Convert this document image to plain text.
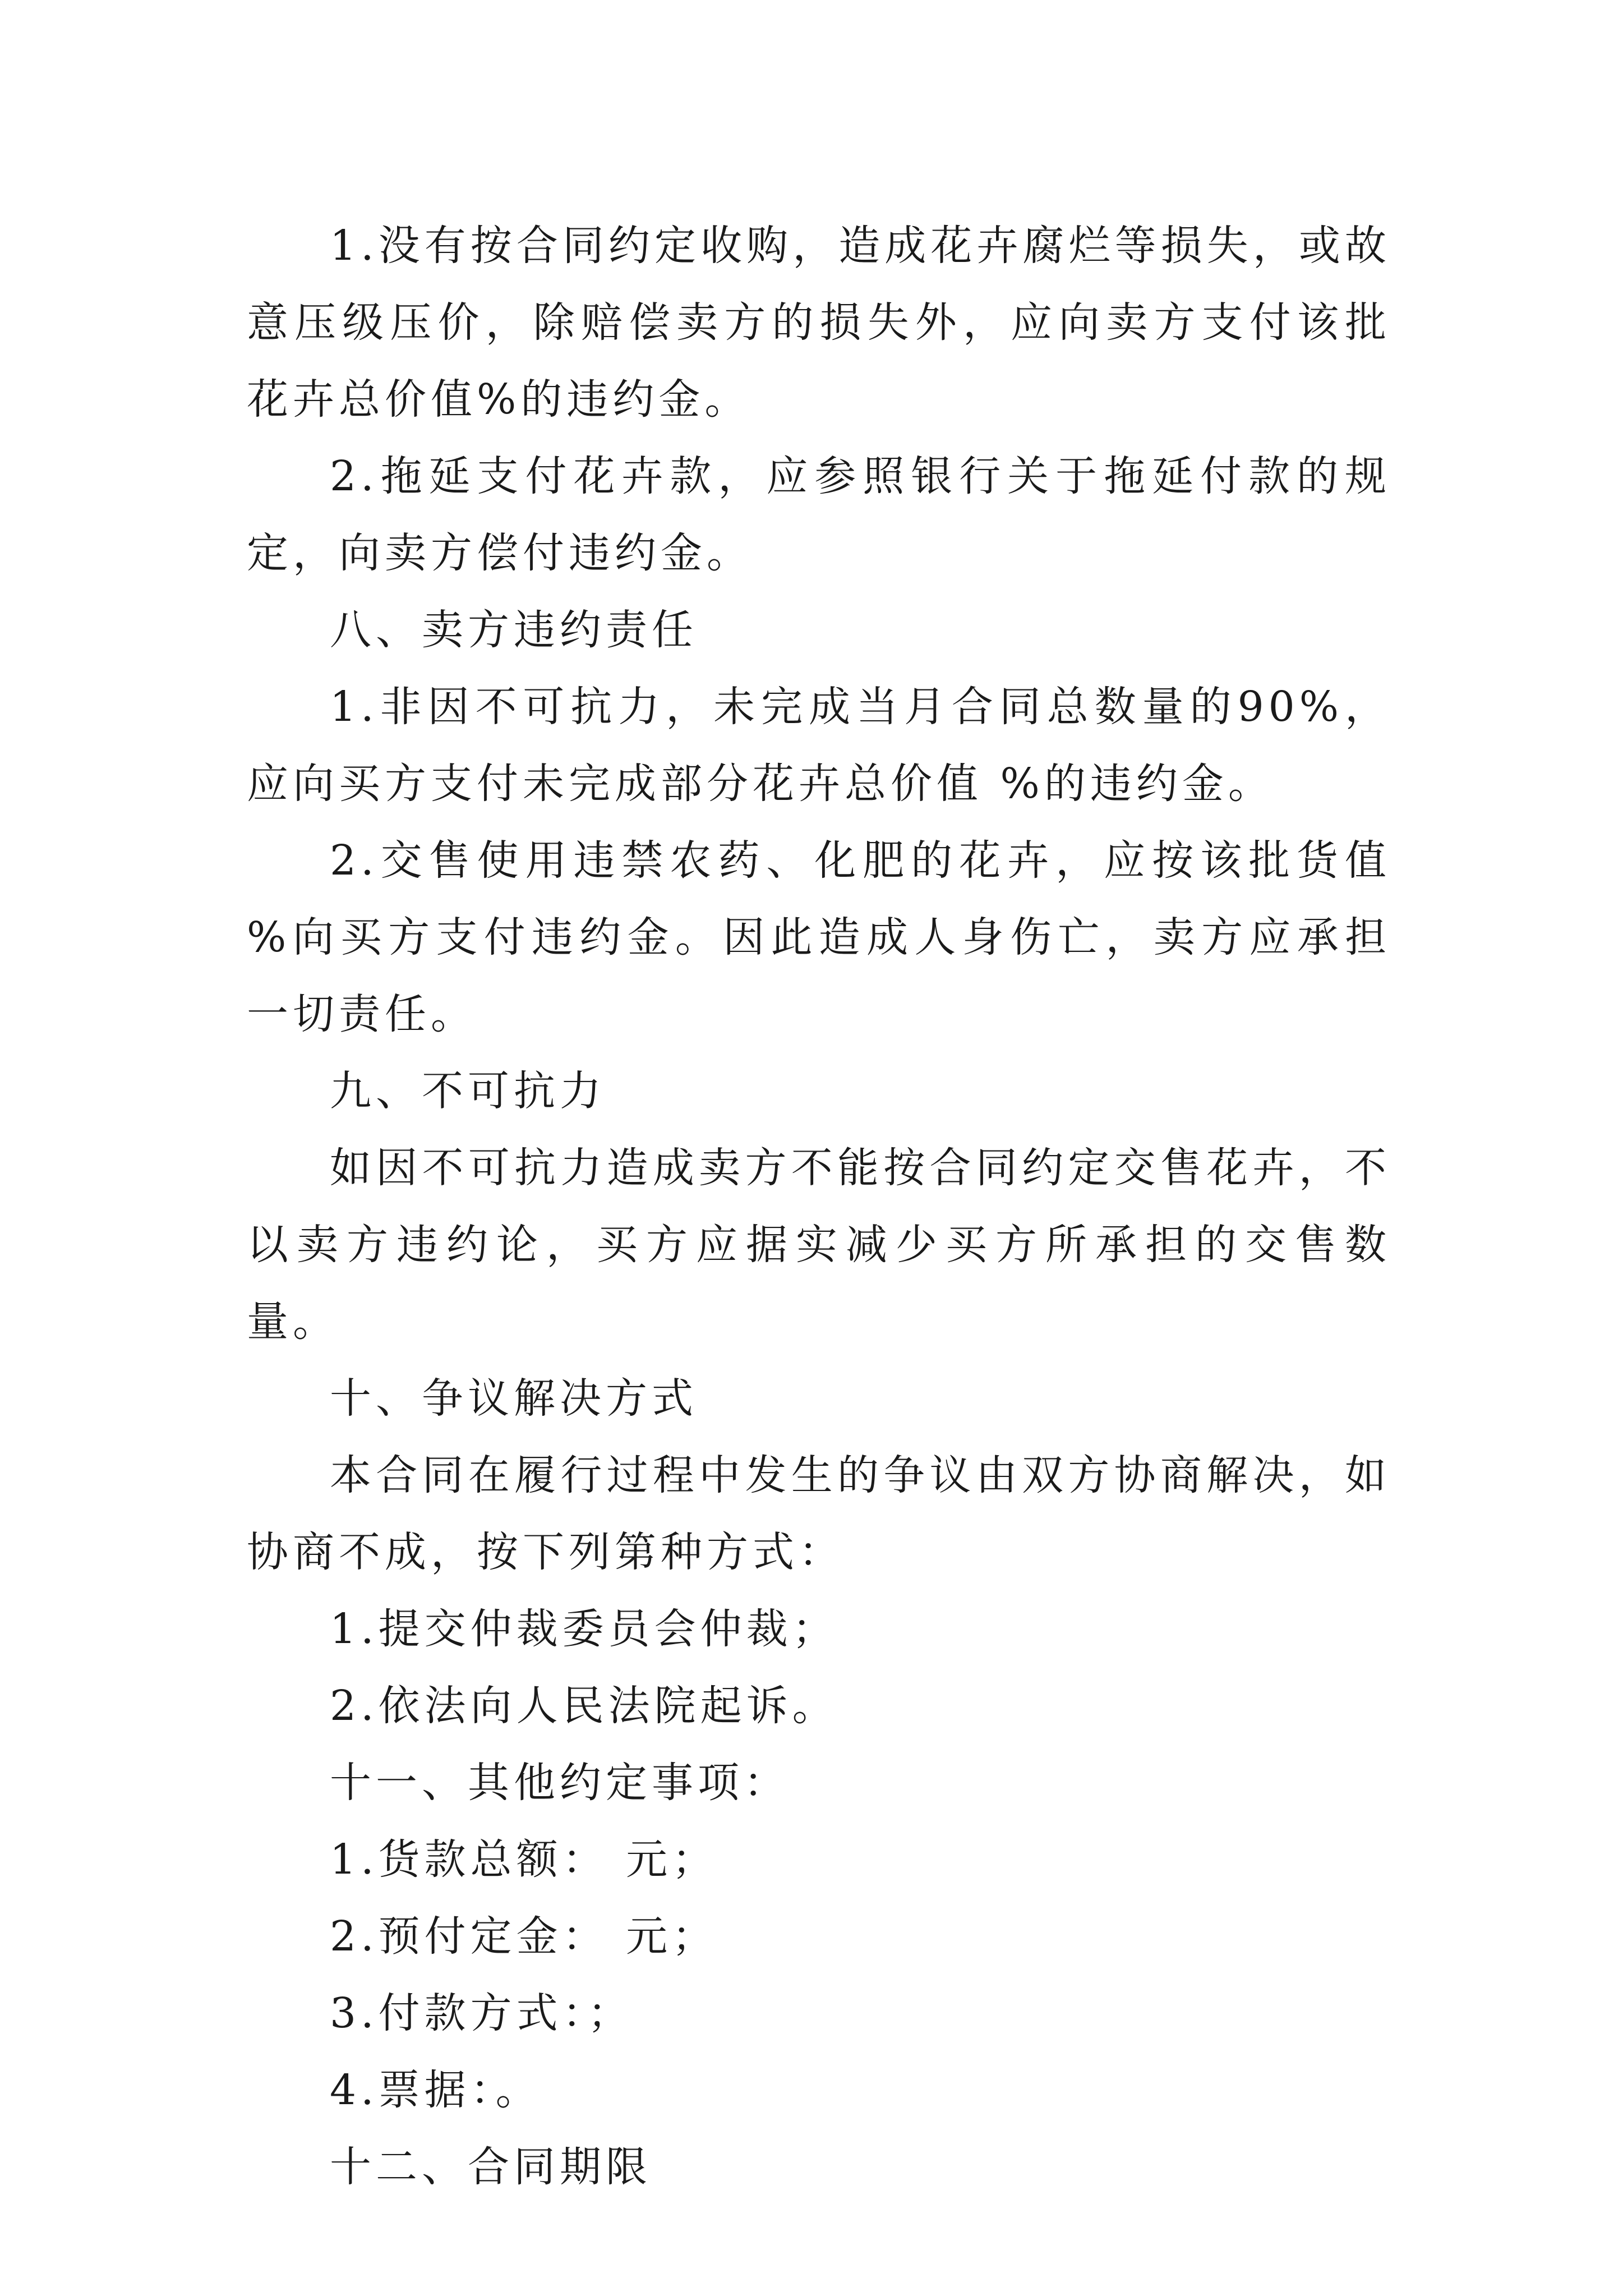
1.没有按合同约定收购，造成花卉腐烂等损失，或故意压级压价，除赔偿卖方的损失外，应向卖方支付该批花卉总价值%的违约金。

2.拖延支付花卉款，应参照银行关于拖延付款的规定，向卖方偿付违约金。

八、卖方违约责任

1.非因不可抗力，未完成当月合同总数量的90%，应向买方支付未完成部分花卉总价值 %的违约金。

2.交售使用违禁农药、化肥的花卉，应按该批货值 %向买方支付违约金。因此造成人身伤亡，卖方应承担一切责任。

九、不可抗力

如因不可抗力造成卖方不能按合同约定交售花卉，不以卖方违约论，买方应据实减少买方所承担的交售数量。

十、争议解决方式

本合同在履行过程中发生的争议由双方协商解决，如协商不成，按下列第种方式：

1.提交仲裁委员会仲裁；

2.依法向人民法院起诉。

十一、其他约定事项：

1.货款总额： 元；

2.预付定金： 元；

3.付款方式：；

4.票据：。

十二、合同期限
